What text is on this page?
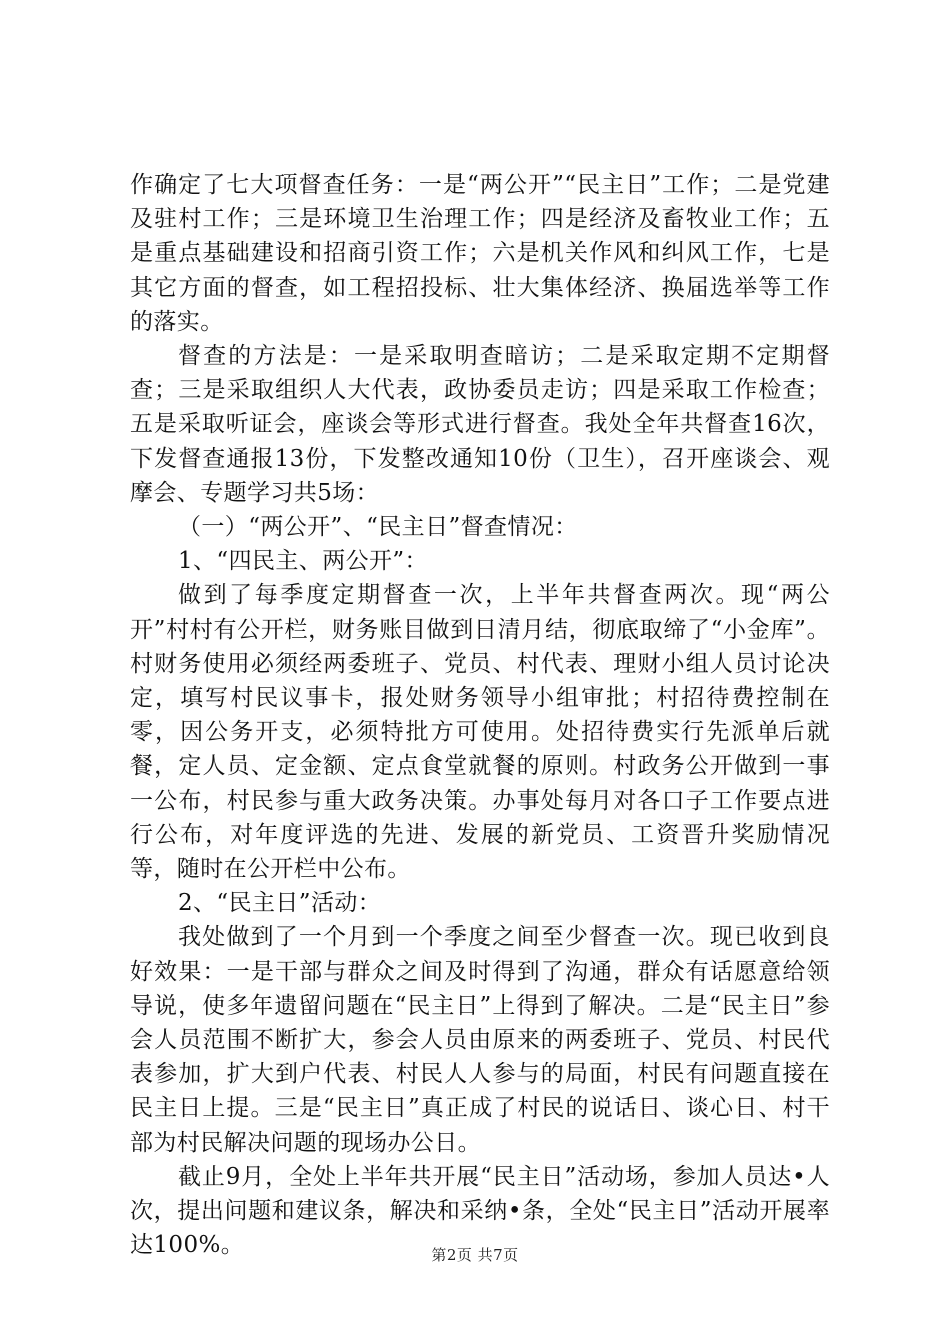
作确定了七大项督查任务：一是“两公开”“民主日”工作；二是党建及驻村工作；三是环境卫生治理工作；四是经济及畜牧业工作；五是重点基础建设和招商引资工作；六是机关作风和纠风工作，七是其它方面的督查，如工程招投标、壮大集体经济、换届选举等工作的落实。

督查的方法是：一是采取明查暗访；二是采取定期不定期督查；三是采取组织人大代表，政协委员走访；四是采取工作检查；五是采取听证会，座谈会等形式进行督查。我处全年共督查16次，下发督查通报13份，下发整改通知10份（卫生），召开座谈会、观摩会、专题学习共5场：

（一）“两公开”、“民主日”督查情况：

1、“四民主、两公开”：

做到了每季度定期督查一次，上半年共督查两次。现“两公开”村村有公开栏，财务账目做到日清月结，彻底取缔了“小金库”。村财务使用必须经两委班子、党员、村代表、理财小组人员讨论决定，填写村民议事卡，报处财务领导小组审批；村招待费控制在零，因公务开支，必须特批方可使用。处招待费实行先派单后就餐，定人员、定金额、定点食堂就餐的原则。村政务公开做到一事一公布，村民参与重大政务决策。办事处每月对各口子工作要点进行公布，对年度评选的先进、发展的新党员、工资晋升奖励情况等，随时在公开栏中公布。

2、“民主日”活动：

我处做到了一个月到一个季度之间至少督查一次。现已收到良好效果：一是干部与群众之间及时得到了沟通，群众有话愿意给领导说，使多年遗留问题在“民主日”上得到了解决。二是“民主日”参会人员范围不断扩大，参会人员由原来的两委班子、党员、村民代表参加，扩大到户代表、村民人人参与的局面，村民有问题直接在民主日上提。三是“民主日”真正成了村民的说话日、谈心日、村干部为村民解决问题的现场办公日。

截止9月，全处上半年共开展“民主日”活动场，参加人员达•人次，提出问题和建议条，解决和采纳•条，全处“民主日”活动开展率达100%。	第2页 共7页
